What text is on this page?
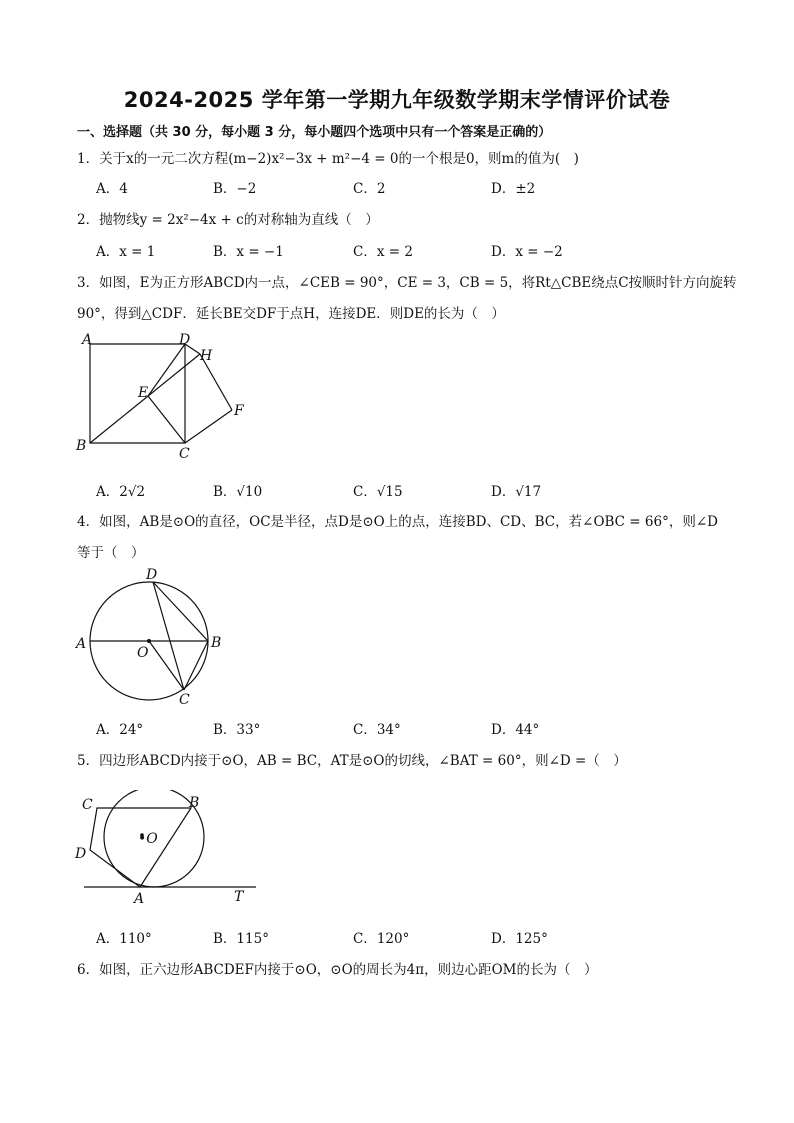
2024-2025 学年第一学期九年级数学期末学情评价试卷
一、选择题（共 30 分，每小题 3 分，每小题四个选项中只有一个答案是正确的）
1．关于x的一元二次方程(m−2)x²−3x + m²−4 = 0的一个根是0，则m的值为(　)
A．4	B．−2	C．2	D．±2
2．抛物线y = 2x²−4x + c的对称轴为直线（　）
A．x = 1	B．x = −1	C．x = 2	D．x = −2
3．如图，E为正方形ABCD内一点，∠CEB = 90°，CE = 3，CB = 5，将Rt△CBE绕点C按顺时针方向旋转
90°，得到△CDF．延长BE交DF于点H，连接DE．则DE的长为（　）
A	D
H
E
F
B	C
A．2√2	B．√10	C．√15	D．√17
4．如图，AB是⊙O的直径，OC是半径，点D是⊙O上的点，连接BD、CD、BC，若∠OBC = 66°，则∠D
等于（　）
D
A
O
B
C
A．24°	B．33°	C．34°	D．44°
5．四边形ABCD内接于⊙O，AB = BC，AT是⊙O的切线，∠BAT = 60°，则∠D =（　）
C	B
•O
D
A	T
A．110°	B．115°	C．120°	D．125°
6．如图，正六边形ABCDEF内接于⊙O，⊙O的周长为4π，则边心距OM的长为（　）
